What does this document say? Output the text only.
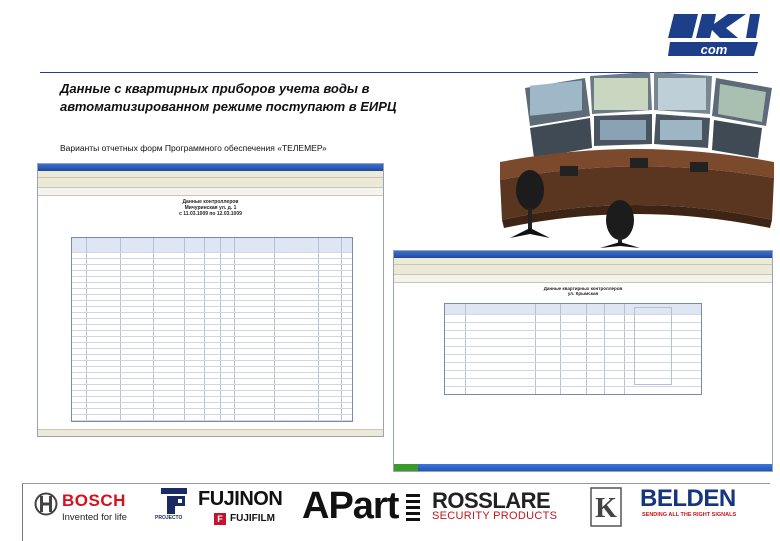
com
Данные с квартирных приборов учета воды в
автоматизированном режиме поступают в ЕИРЦ
Варианты отчетных форм Программного обеспечения «ТЕЛЕМЕР»
Данные контроллеров
Мичуринская ул. д. 1
с 11.03.1009 по 12.03.1009
Данные квартирных контроллеров
ул. Крымская
BOSCH
Invented for life	PROJECTO
FUJINON
F FUJIFILM APart ROSSLARE
SECURITY PRODUCTS K BELDEN
SENDING ALL THE RIGHT SIGNALS
